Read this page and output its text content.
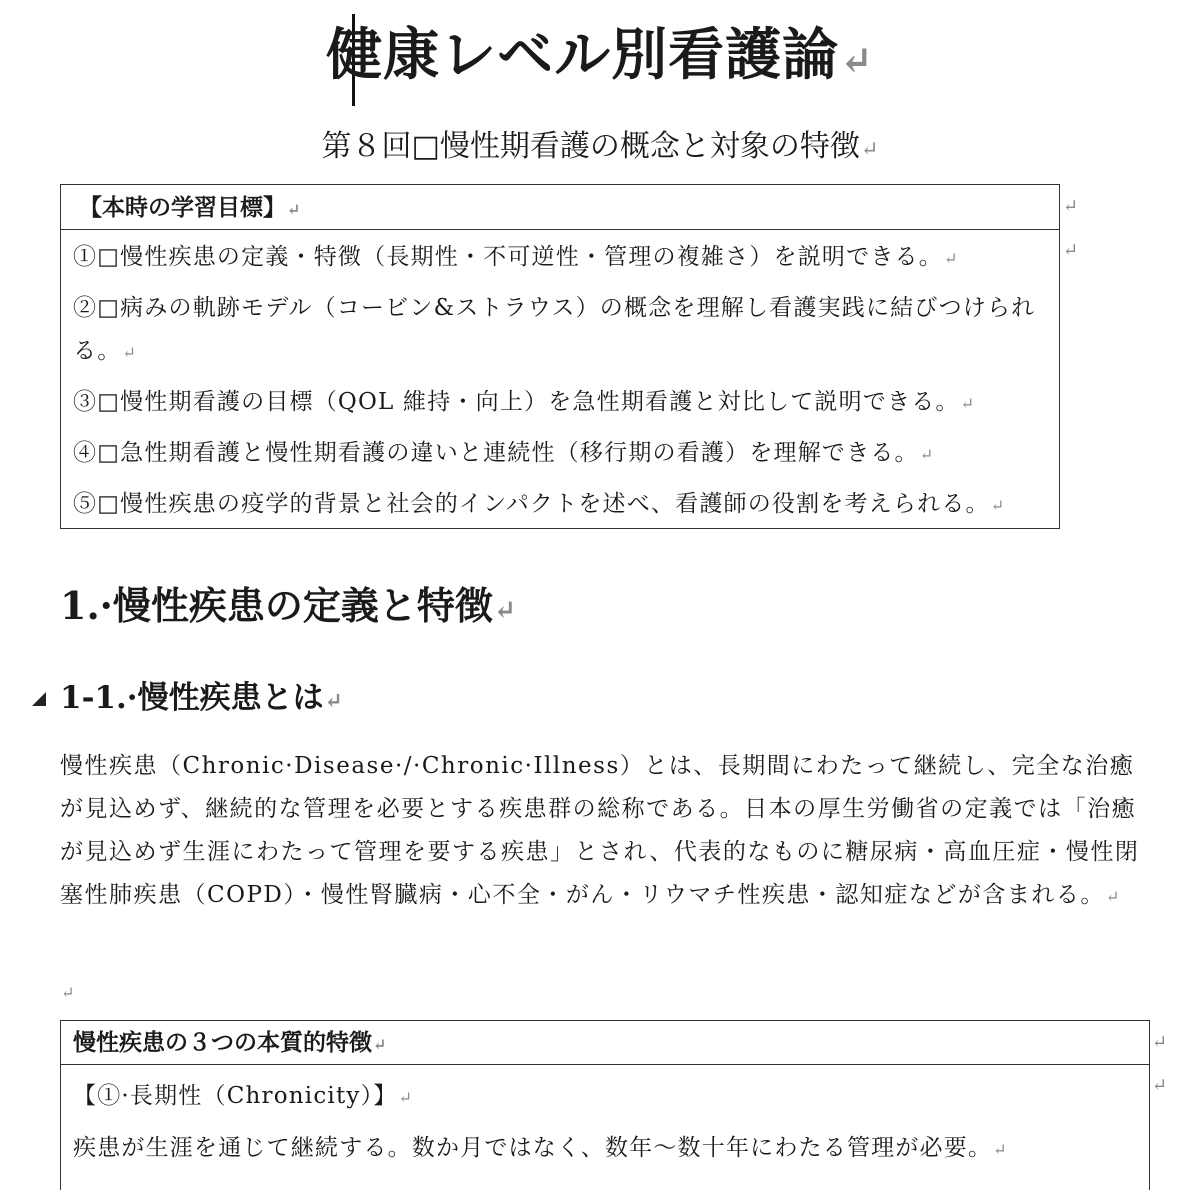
健康レベル別看護論↵
第８回□慢性期看護の概念と対象の特徴↵
【本時の学習目標】↵
①□慢性疾患の定義・特徴（長期性・不可逆性・管理の複雑さ）を説明できる。↵
②□病みの軌跡モデル（コービン&ストラウス）の概念を理解し看護実践に結びつけられる。↵
③□慢性期看護の目標（QOL 維持・向上）を急性期看護と対比して説明できる。↵
④□急性期看護と慢性期看護の違いと連続性（移行期の看護）を理解できる。↵
⑤□慢性疾患の疫学的背景と社会的インパクトを述べ、看護師の役割を考えられる。↵
↵
↵
1.·慢性疾患の定義と特徴↵
1-1.·慢性疾患とは↵
慢性疾患（Chronic·Disease·/·Chronic·Illness）とは、長期間にわたって継続し、完全な治癒が見込めず、継続的な管理を必要とする疾患群の総称である。日本の厚生労働省の定義では「治癒が見込めず生涯にわたって管理を要する疾患」とされ、代表的なものに糖尿病・高血圧症・慢性閉塞性肺疾患（COPD）・慢性腎臓病・心不全・がん・リウマチ性疾患・認知症などが含まれる。↵
↵
慢性疾患の３つの本質的特徴↵
【①·長期性（Chronicity）】↵
疾患が生涯を通じて継続する。数か月ではなく、数年〜数十年にわたる管理が必要。↵
↵
↵
